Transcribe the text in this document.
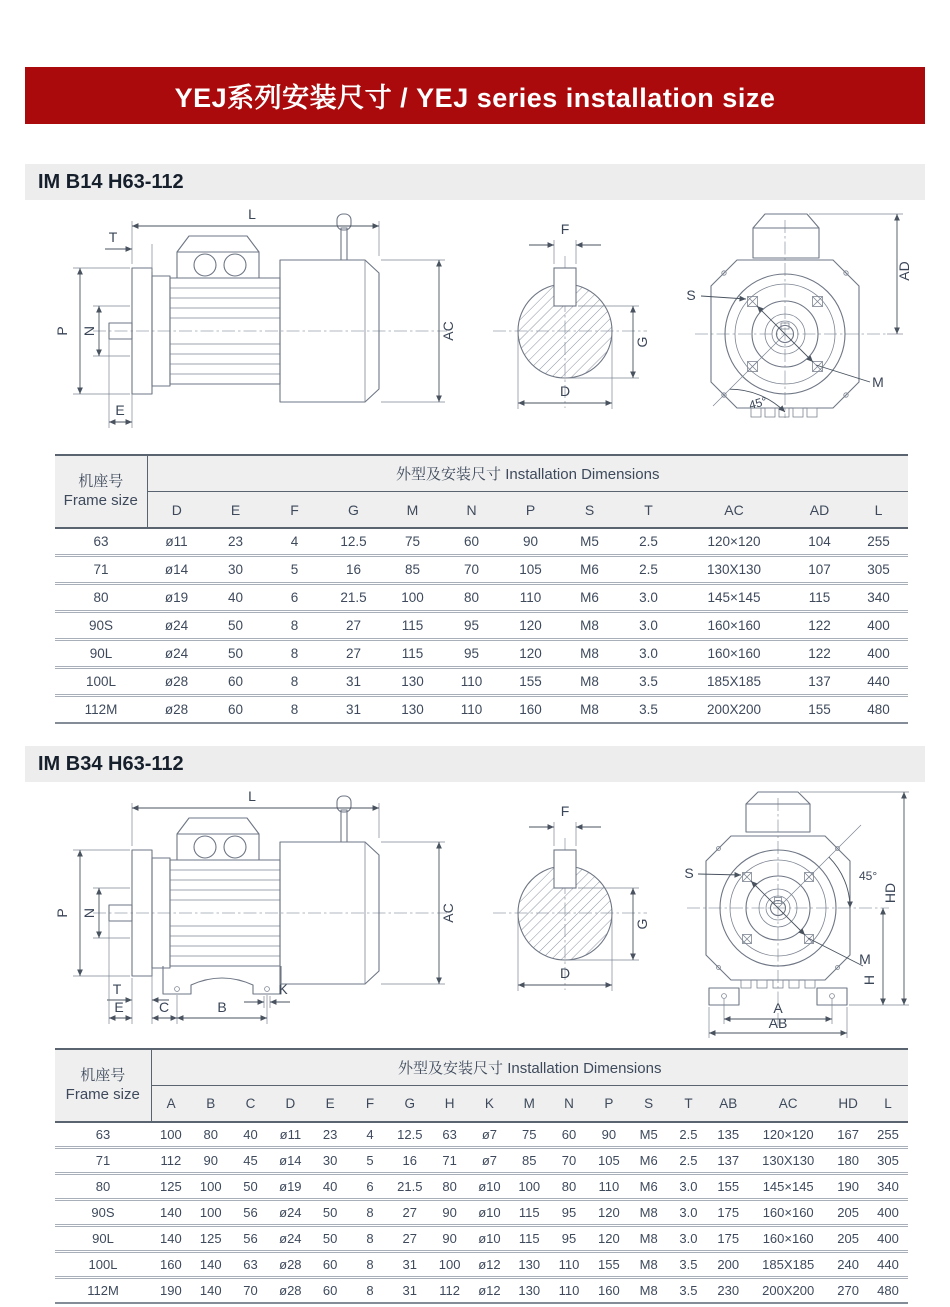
YEJ系列安装尺寸 / YEJ series installation size
IM B14 H63-112
L
T
P N
E
AC
F
G
D
S
M
45°
AD
机座号
Frame size	外型及安装尺寸 Installation Dimensions											
	D	E	F	G	M	N	P	S	T	AC	AD	L
63	ø11	23	4	12.5	75	60	90	M5	2.5	120×120	104	255
71	ø14	30	5	16	85	70	105	M6	2.5	130X130	107	305
80	ø19	40	6	21.5	100	80	110	M6	3.0	145×145	115	340
90S	ø24	50	8	27	115	95	120	M8	3.0	160×160	122	400
90L	ø24	50	8	27	115	95	120	M8	3.0	160×160	122	400
100L	ø28	60	8	31	130	110	155	M8	3.5	185X185	137	440
112M	ø28	60	8	31	130	110	160	M8	3.5	200X200	155	480
IM B34 H63-112
L
P N
T
E	C	B
K
AC
F
G
D
S
M
45°
H
HD
A
AB
机座号
Frame size	外型及安装尺寸 Installation Dimensions																	
	A	B	C	D	E	F	G	H	K	M	N	P	S	T	AB	AC	HD	L
63	100	80	40	ø11	23	4	12.5	63	ø7	75	60	90	M5	2.5	135	120×120	167	255
71	112	90	45	ø14	30	5	16	71	ø7	85	70	105	M6	2.5	137	130X130	180	305
80	125	100	50	ø19	40	6	21.5	80	ø10	100	80	110	M6	3.0	155	145×145	190	340
90S	140	100	56	ø24	50	8	27	90	ø10	115	95	120	M8	3.0	175	160×160	205	400
90L	140	125	56	ø24	50	8	27	90	ø10	115	95	120	M8	3.0	175	160×160	205	400
100L	160	140	63	ø28	60	8	31	100	ø12	130	110	155	M8	3.5	200	185X185	240	440
112M	190	140	70	ø28	60	8	31	112	ø12	130	110	160	M8	3.5	230	200X200	270	480
